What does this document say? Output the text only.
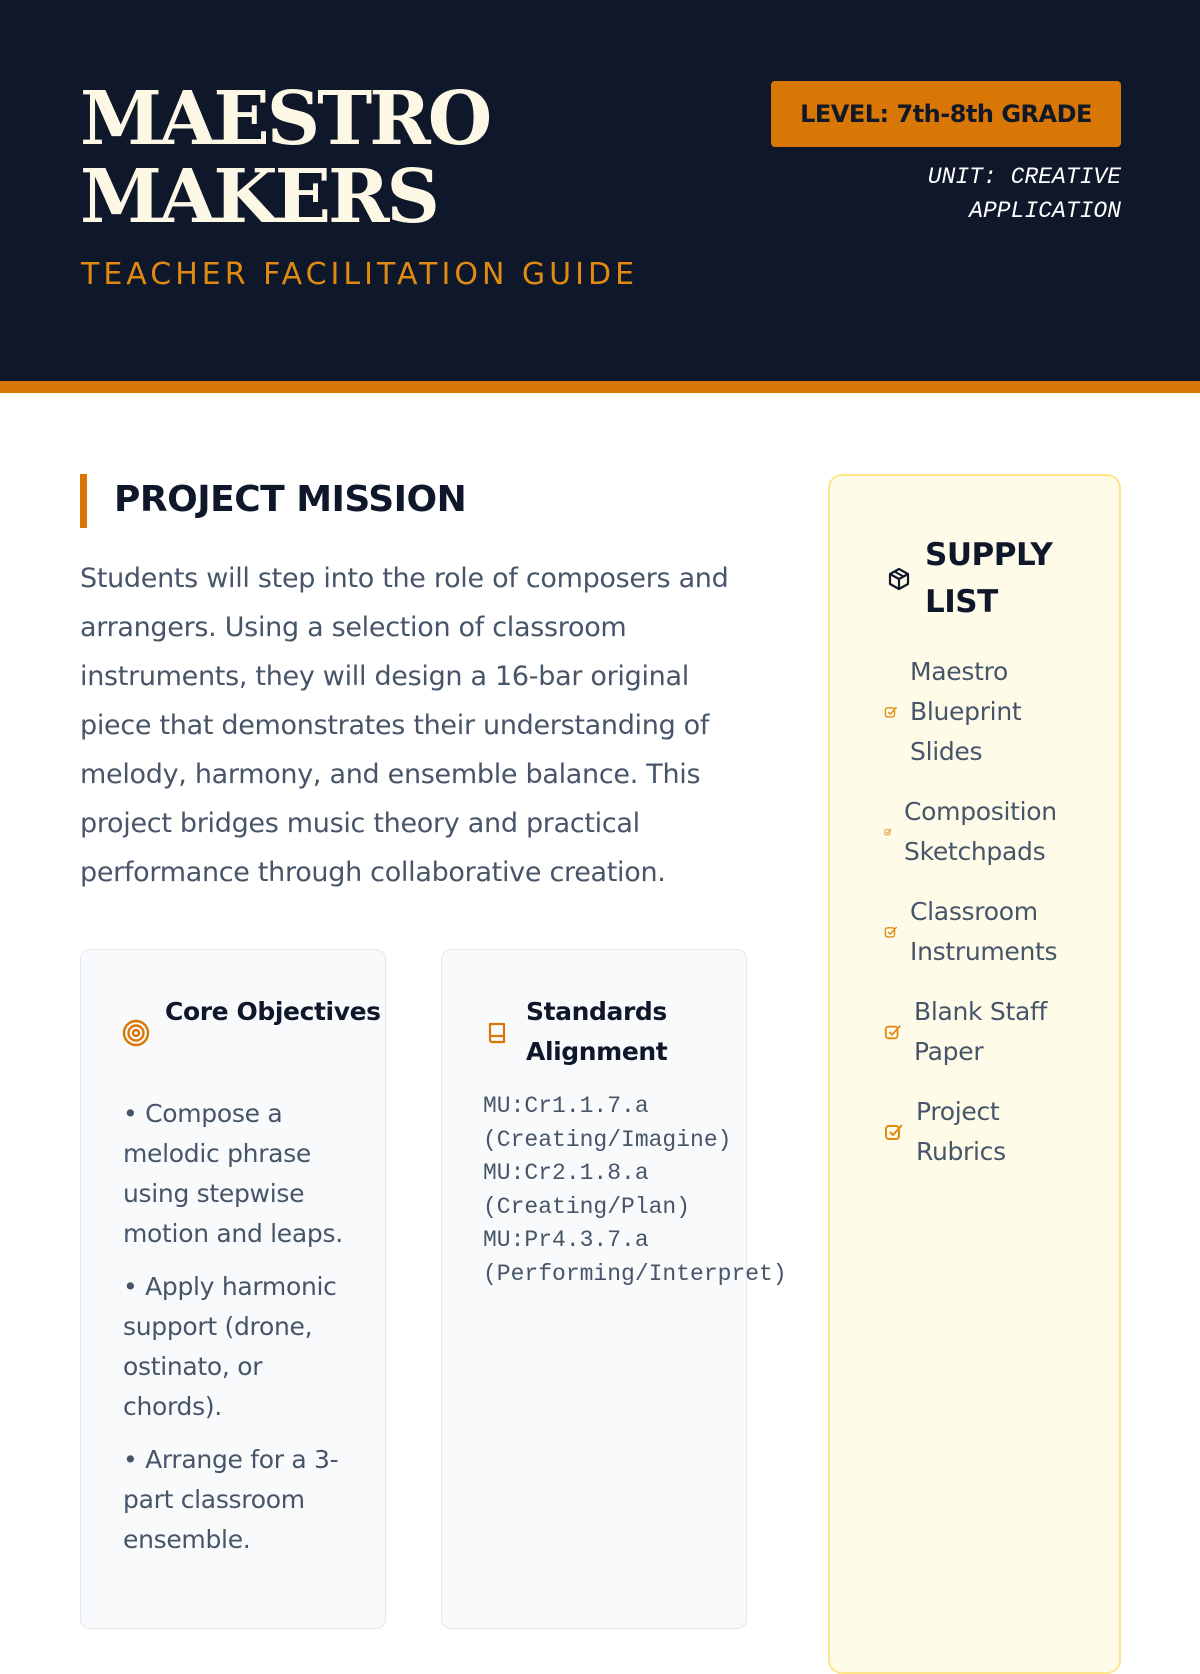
MAESTRO
MAKERS
TEACHER FACILITATION GUIDE
LEVEL: 7th-8th GRADE
UNIT: CREATIVE
APPLICATION
PROJECT MISSION

Students will step into the role of composers and arrangers. Using a selection of classroom instruments, they will design a 16-bar original piece that demonstrates their understanding of melody, harmony, and ensemble balance. This project bridges music theory and practical performance through collaborative creation.

Core Objectives
• Compose a melodic phrase using stepwise motion and leaps.
• Apply harmonic support (drone, ostinato, or chords).
• Arrange for a 3-part classroom ensemble.
Standards Alignment
MU:Cr1.1.7.a
(Creating/Imagine)
MU:Cr2.1.8.a
(Creating/Plan)
MU:Pr4.3.7.a
(Performing/Interpret)
SUPPLY
LIST
Maestro Blueprint Slides
Composition Sketchpads
Classroom Instruments
Blank Staff Paper
Project Rubrics
